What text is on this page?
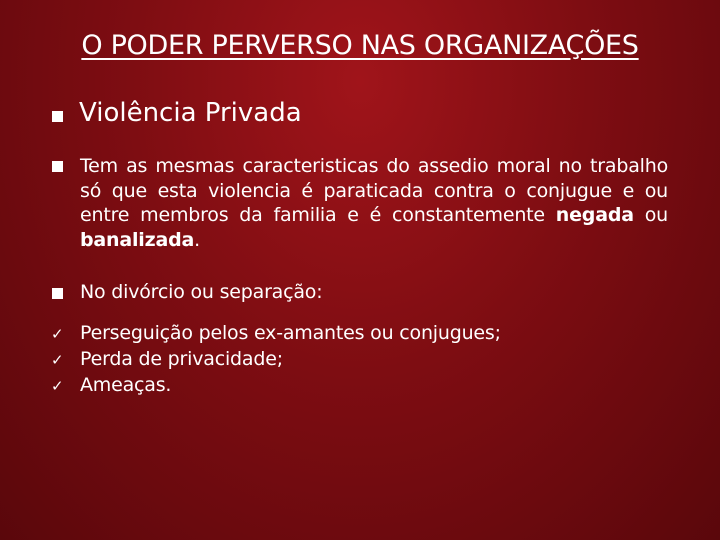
O PODER PERVERSO NAS ORGANIZAÇÕES
Violência Privada
Tem as mesmas caracteristicas do assedio moral no trabalho só que esta violencia é paraticada contra o conjugue e ou entre membros da familia e é constantemente negada ou banalizada.
No divórcio ou separação:
✓ Perseguição pelos ex-amantes ou conjugues;
✓ Perda de privacidade;
✓ Ameaças.
